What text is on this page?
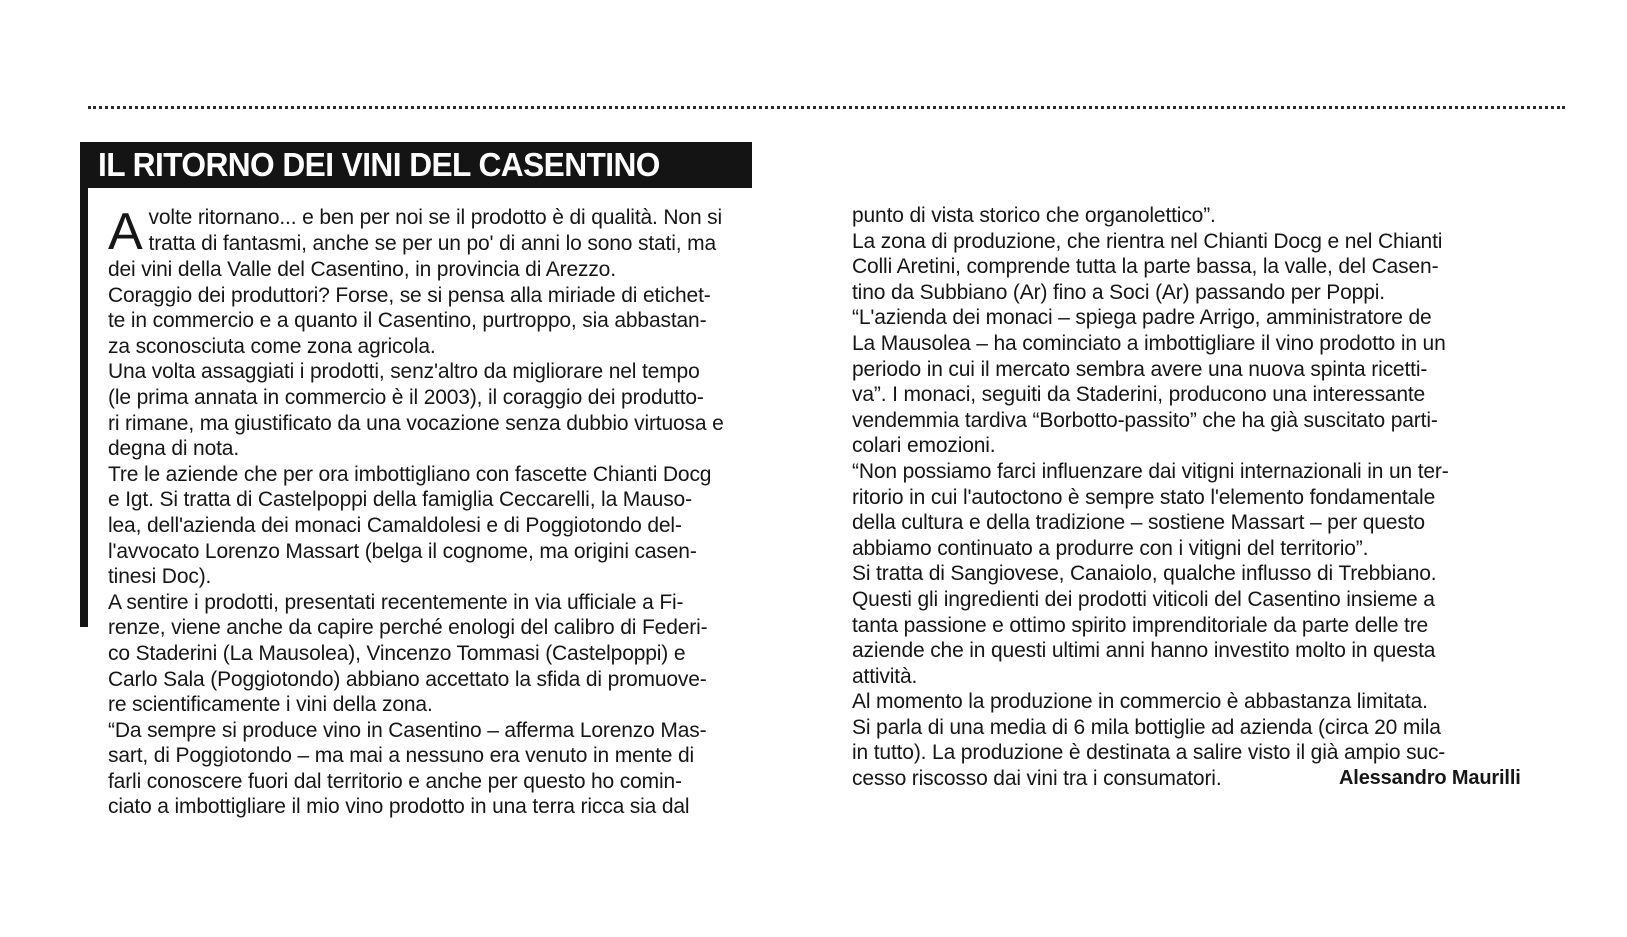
IL RITORNO DEI VINI DEL CASENTINO
A volte ritornano... e ben per noi se il prodotto è di qualità. Non si
tratta di fantasmi, anche se per un po' di anni lo sono stati, ma
dei vini della Valle del Casentino, in provincia di Arezzo.
Coraggio dei produttori? Forse, se si pensa alla miriade di etichet-
te in commercio e a quanto il Casentino, purtroppo, sia abbastan-
za sconosciuta come zona agricola.
Una volta assaggiati i prodotti, senz'altro da migliorare nel tempo
(le prima annata in commercio è il 2003), il coraggio dei produtto-
ri rimane, ma giustificato da una vocazione senza dubbio virtuosa e
degna di nota.
Tre le aziende che per ora imbottigliano con fascette Chianti Docg
e Igt. Si tratta di Castelpoppi della famiglia Ceccarelli, la Mauso-
lea, dell'azienda dei monaci Camaldolesi e di Poggiotondo del-
l'avvocato Lorenzo Massart (belga il cognome, ma origini casen-
tinesi Doc).
A sentire i prodotti, presentati recentemente in via ufficiale a Fi-
renze, viene anche da capire perché enologi del calibro di Federi-
co Staderini (La Mausolea), Vincenzo Tommasi (Castelpoppi) e
Carlo Sala (Poggiotondo) abbiano accettato la sfida di promuove-
re scientificamente i vini della zona.
“Da sempre si produce vino in Casentino – afferma Lorenzo Mas-
sart, di Poggiotondo – ma mai a nessuno era venuto in mente di
farli conoscere fuori dal territorio e anche per questo ho comin-
ciato a imbottigliare il mio vino prodotto in una terra ricca sia dal
punto di vista storico che organolettico”.
La zona di produzione, che rientra nel Chianti Docg e nel Chianti
Colli Aretini, comprende tutta la parte bassa, la valle, del Casen-
tino da Subbiano (Ar) fino a Soci (Ar) passando per Poppi.
“L'azienda dei monaci – spiega padre Arrigo, amministratore de
La Mausolea – ha cominciato a imbottigliare il vino prodotto in un
periodo in cui il mercato sembra avere una nuova spinta ricetti-
va”. I monaci, seguiti da Staderini, producono una interessante
vendemmia tardiva “Borbotto-passito” che ha già suscitato parti-
colari emozioni.
“Non possiamo farci influenzare dai vitigni internazionali in un ter-
ritorio in cui l'autoctono è sempre stato l'elemento fondamentale
della cultura e della tradizione – sostiene Massart – per questo
abbiamo continuato a produrre con i vitigni del territorio”.
Si tratta di Sangiovese, Canaiolo, qualche influsso di Trebbiano.
Questi gli ingredienti dei prodotti viticoli del Casentino insieme a
tanta passione e ottimo spirito imprenditoriale da parte delle tre
aziende che in questi ultimi anni hanno investito molto in questa
attività.
Al momento la produzione in commercio è abbastanza limitata.
Si parla di una media di 6 mila bottiglie ad azienda (circa 20 mila
in tutto). La produzione è destinata a salire visto il già ampio suc-
cesso riscosso dai vini tra i consumatori.	Alessandro Maurilli
